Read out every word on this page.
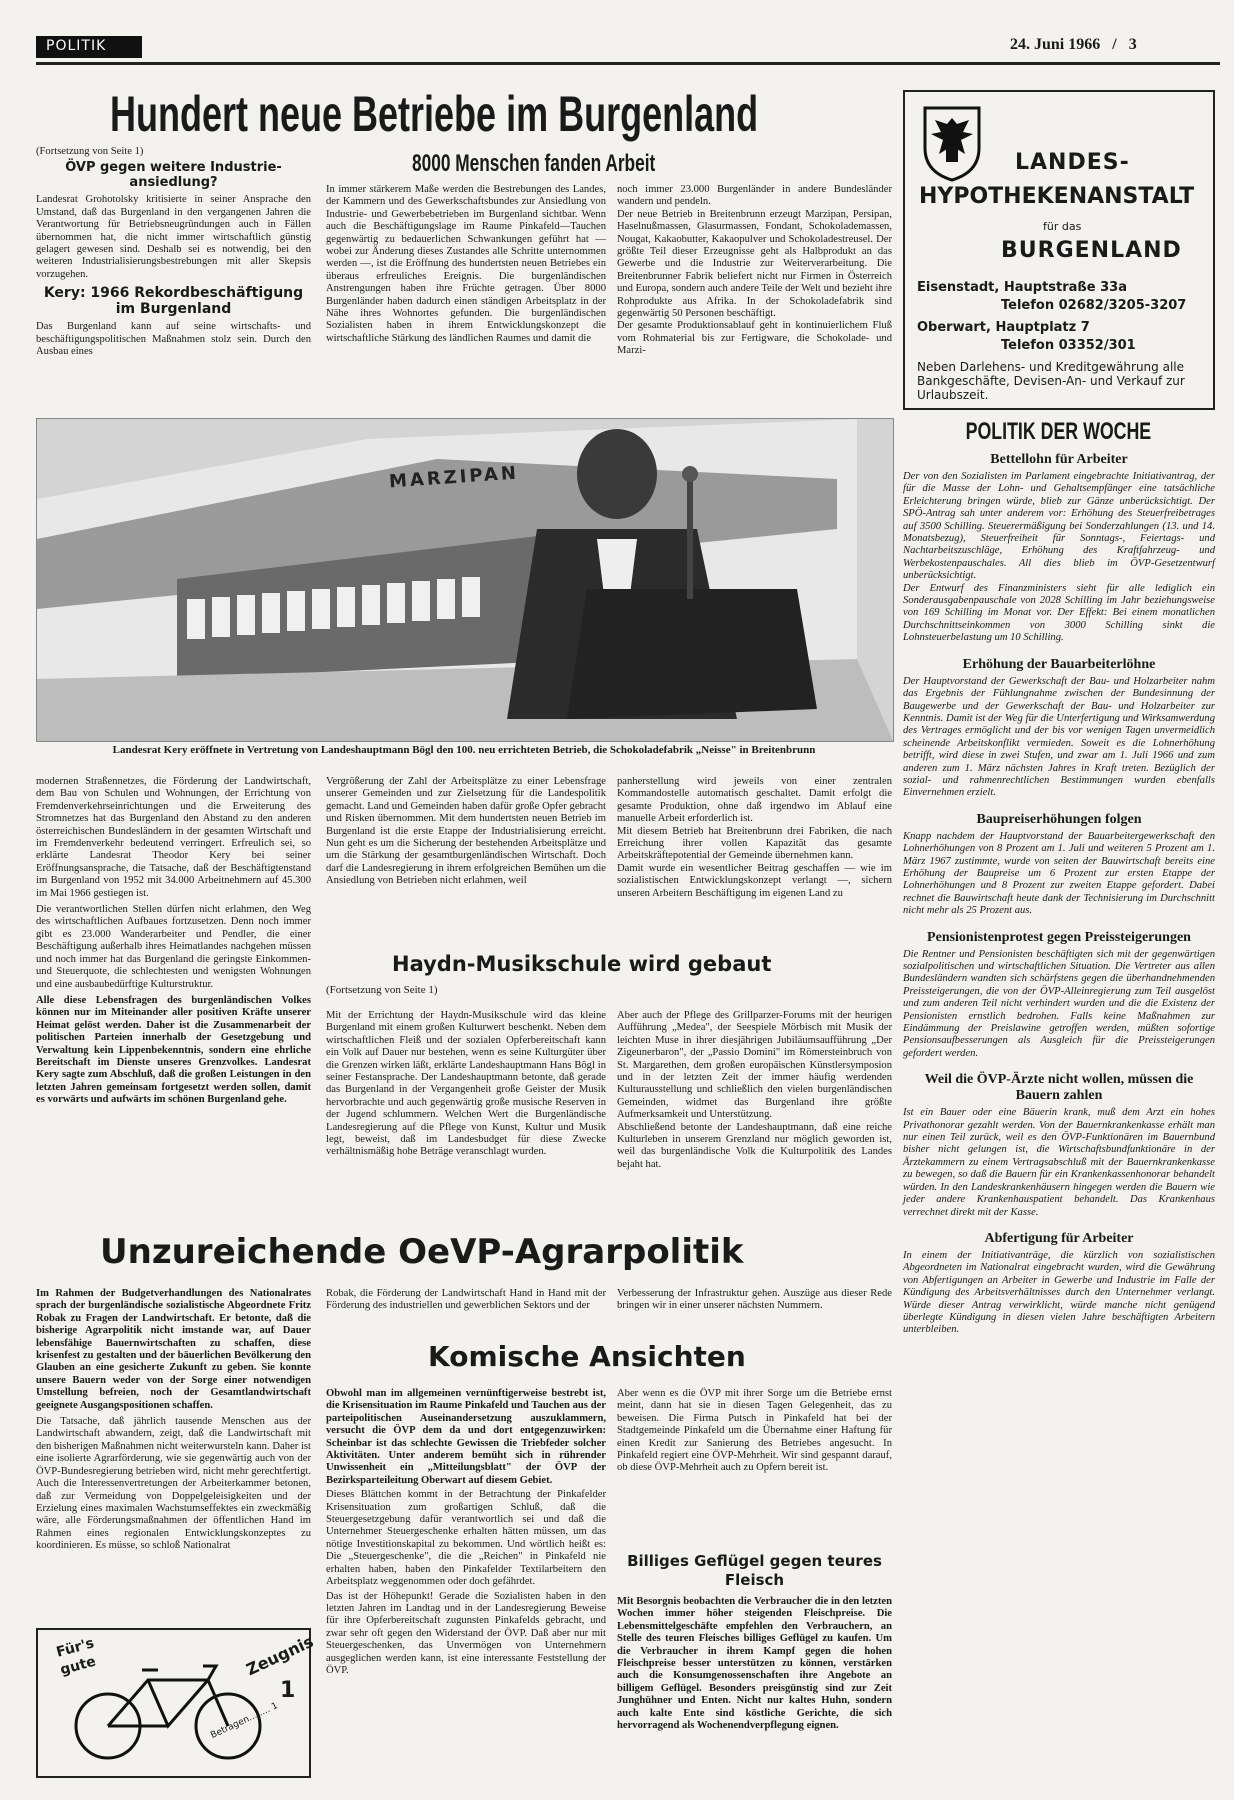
POLITIK	24. Juni 1966 / 3
Hundert neue Betriebe im Burgenland

(Fortsetzung von Seite 1)

ÖVP gegen weitere Industrie-ansiedlung?

Landesrat Grohotolsky kritisierte in seiner Ansprache den Umstand, daß das Burgenland in den vergangenen Jahren die Verantwortung für Betriebsneugründungen auch in Fällen übernommen hat, die nicht immer wirtschaftlich günstig gelagert gewesen sind. Deshalb sei es notwendig, bei den weiteren Industrialisierungsbestrebungen mit aller Skepsis vorzugehen.

Kery: 1966 Rekordbeschäftigung im Burgenland

Das Burgenland kann auf seine wirtschafts- und beschäftigungspolitischen Maßnahmen stolz sein. Durch den Ausbau eines

8000 Menschen fanden Arbeit

In immer stärkerem Maße werden die Bestrebungen des Landes, der Kammern und des Gewerkschaftsbundes zur Ansiedlung von Industrie- und Gewerbebetrieben im Burgenland sichtbar. Wenn auch die Beschäftigungslage im Raume Pinkafeld—Tauchen gegenwärtig zu bedauerlichen Schwankungen geführt hat — wobei zur Änderung dieses Zustandes alle Schritte unternommen werden —, ist die Eröffnung des hundertsten neuen Betriebes ein überaus erfreuliches Ereignis. Die burgenländischen Anstrengungen haben ihre Früchte getragen. Über 8000 Burgenländer haben dadurch einen ständigen Arbeitsplatz in der Nähe ihres Wohnortes gefunden. Die burgenländischen Sozialisten haben in ihrem Entwicklungskonzept die wirtschaftliche Stärkung des ländlichen Raumes und damit die

noch immer 23.000 Burgenländer in andere Bundesländer wandern und pendeln.

Der neue Betrieb in Breitenbrunn erzeugt Marzipan, Persipan, Haselnußmassen, Glasurmassen, Fondant, Schokolademassen, Nougat, Kakaobutter, Kakaopulver und Schokoladestreusel. Der größte Teil dieser Erzeugnisse geht als Halbprodukt an das Gewerbe und die Industrie zur Weiterverarbeitung. Die Breitenbrunner Fabrik beliefert nicht nur Firmen in Österreich und Europa, sondern auch andere Teile der Welt und bezieht ihre Rohprodukte aus Afrika. In der Schokoladefabrik sind gegenwärtig 50 Personen beschäftigt.

Der gesamte Produktionsablauf geht in kontinuierlichem Fluß vom Rohmaterial bis zur Fertigware, die Schokolade- und Marzi-

LANDES-
HYPOTHEKENANSTALT
für das
BURGENLAND
Eisenstadt, Hauptstraße 33a
Telefon 02682/3205-3207
Oberwart, Hauptplatz 7
Telefon 03352/301
Neben Darlehens- und Kreditgewährung alle Bankgeschäfte, Devisen-An- und Verkauf zur Urlaubszeit.
MARZIPAN
Landesrat Kery eröffnete in Vertretung von Landeshauptmann Bögl den 100. neu errichteten Betrieb, die Schokoladefabrik „Neisse" in Breitenbrunn

modernen Straßennetzes, die Förderung der Landwirtschaft, dem Bau von Schulen und Wohnungen, der Errichtung von Fremdenverkehrseinrichtungen und die Erweiterung des Stromnetzes hat das Burgenland den Abstand zu den anderen österreichischen Bundesländern in der gesamten Wirtschaft und im Fremdenverkehr bedeutend verringert. Erfreulich sei, so erklärte Landesrat Theodor Kery bei seiner Eröffnungsansprache, die Tatsache, daß der Beschäftigtenstand im Burgenland von 1952 mit 34.000 Arbeitnehmern auf 45.300 im Mai 1966 gestiegen ist.

Die verantwortlichen Stellen dürfen nicht erlahmen, den Weg des wirtschaftlichen Aufbaues fortzusetzen. Denn noch immer gibt es 23.000 Wanderarbeiter und Pendler, die einer Beschäftigung außerhalb ihres Heimatlandes nachgehen müssen und noch immer hat das Burgenland die geringste Einkommen- und Steuerquote, die schlechtesten und wenigsten Wohnungen und eine ausbaubedürftige Kulturstruktur.

Alle diese Lebensfragen des burgenländischen Volkes können nur im Miteinander aller positiven Kräfte unserer Heimat gelöst werden. Daher ist die Zusammenarbeit der politischen Parteien innerhalb der Gesetzgebung und Verwaltung kein Lippenbekenntnis, sondern eine ehrliche Bereitschaft im Dienste unseres Grenzvolkes. Landesrat Kery sagte zum Abschluß, daß die großen Leistungen in den letzten Jahren gemeinsam fortgesetzt werden sollen, damit es vorwärts und aufwärts im schönen Burgenland gehe.

Vergrößerung der Zahl der Arbeitsplätze zu einer Lebensfrage unserer Gemeinden und zur Zielsetzung für die Landespolitik gemacht. Land und Gemeinden haben dafür große Opfer gebracht und Risken übernommen. Mit dem hundertsten neuen Betrieb im Burgenland ist die erste Etappe der Industrialisierung erreicht. Nun geht es um die Sicherung der bestehenden Arbeitsplätze und um die Stärkung der gesamtburgenländischen Wirtschaft. Doch darf die Landesregierung in ihrem erfolgreichen Bemühen um die Ansiedlung von Betrieben nicht erlahmen, weil

panherstellung wird jeweils von einer zentralen Kommandostelle automatisch geschaltet. Damit erfolgt die gesamte Produktion, ohne daß irgendwo im Ablauf eine manuelle Arbeit erforderlich ist.

Mit diesem Betrieb hat Breitenbrunn drei Fabriken, die nach Erreichung ihrer vollen Kapazität das gesamte Arbeitskräftepotential der Gemeinde übernehmen kann.

Damit wurde ein wesentlicher Beitrag geschaffen — wie im sozialistischen Entwicklungskonzept verlangt —, sichern unseren Arbeitern Beschäftigung im eigenen Land zu

Haydn-Musikschule wird gebaut
(Fortsetzung von Seite 1)

Mit der Errichtung der Haydn-Musikschule wird das kleine Burgenland mit einem großen Kulturwert beschenkt. Neben dem wirtschaftlichen Fleiß und der sozialen Opferbereitschaft kann ein Volk auf Dauer nur bestehen, wenn es seine Kulturgüter über die Grenzen wirken läßt, erklärte Landeshauptmann Hans Bögl in seiner Festansprache. Der Landeshauptmann betonte, daß gerade das Burgenland in der Vergangenheit große Geister der Musik hervorbrachte und auch gegenwärtig große musische Reserven in der Jugend schlummern. Welchen Wert die Burgenländische Landesregierung auf die Pflege von Kunst, Kultur und Musik legt, beweist, daß im Landesbudget für diese Zwecke verhältnismäßig hohe Beträge veranschlagt wurden.

Aber auch der Pflege des Grillparzer-Forums mit der heurigen Aufführung „Medea", der Seespiele Mörbisch mit Musik der leichten Muse in ihrer diesjährigen Jubiläumsaufführung „Der Zigeunerbaron", der „Passio Domini" im Römersteinbruch von St. Margarethen, dem großen europäischen Künstlersymposion und in der letzten Zeit der immer häufig werdenden Kulturausstellung und schließlich den vielen burgenländischen Gemeinden, widmet das Burgenland ihre größte Aufmerksamkeit und Unterstützung.

Abschließend betonte der Landeshauptmann, daß eine reiche Kulturleben in unserem Grenzland nur möglich geworden ist, weil das burgenländische Volk die Kulturpolitik des Landes bejaht hat.

Unzureichende OeVP-Agrarpolitik

Im Rahmen der Budgetverhandlungen des Nationalrates sprach der burgenländische sozialistische Abgeordnete Fritz Robak zu Fragen der Landwirtschaft. Er betonte, daß die bisherige Agrarpolitik nicht imstande war, auf Dauer lebensfähige Bauernwirtschaften zu schaffen, diese krisenfest zu gestalten und der bäuerlichen Bevölkerung den Glauben an eine gesicherte Zukunft zu geben. Sie konnte unsere Bauern weder von der Sorge einer notwendigen Umstellung befreien, noch der Gesamtlandwirtschaft geeignete Ausgangspositionen schaffen.

Die Tatsache, daß jährlich tausende Menschen aus der Landwirtschaft abwandern, zeigt, daß die Landwirtschaft mit den bisherigen Maßnahmen nicht weiterwursteln kann. Daher ist eine isolierte Agrarförderung, wie sie gegenwärtig auch von der ÖVP-Bundesregierung betrieben wird, nicht mehr gerechtfertigt. Auch die Interessenvertretungen der Arbeiterkammer betonen, daß zur Vermeidung von Doppelgeleisigkeiten und der Erzielung eines maximalen Wachstumseffektes ein zweckmäßig wäre, alle Förderungsmaßnahmen der öffentlichen Hand im Rahmen eines regionalen Entwicklungskonzeptes zu koordinieren. Es müsse, so schloß Nationalrat

Robak, die Förderung der Landwirtschaft Hand in Hand mit der Förderung des industriellen und gewerblichen Sektors und der

Verbesserung der Infrastruktur gehen. Auszüge aus dieser Rede bringen wir in einer unserer nächsten Nummern.

Komische Ansichten

Obwohl man im allgemeinen vernünftigerweise bestrebt ist, die Krisensituation im Raume Pinkafeld und Tauchen aus der parteipolitischen Auseinandersetzung auszuklammern, versucht die ÖVP dem da und dort entgegenzuwirken: Scheinbar ist das schlechte Gewissen die Triebfeder solcher Aktivitäten. Unter anderem bemüht sich in rührender Unwissenheit ein „Mitteilungsblatt" der ÖVP der Bezirksparteileitung Oberwart auf diesem Gebiet.

Dieses Blättchen kommt in der Betrachtung der Pinkafelder Krisensituation zum großartigen Schluß, daß die Steuergesetzgebung dafür verantwortlich sei und daß die Unternehmer Steuergeschenke erhalten hätten müssen, um das nötige Investitionskapital zu bekommen. Und wörtlich heißt es: Die „Steuergeschenke", die die „Reichen" in Pinkafeld nie erhalten haben, haben den Pinkafelder Textilarbeitern den Arbeitsplatz weggenommen oder doch gefährdet.

Das ist der Höhepunkt! Gerade die Sozialisten haben in den letzten Jahren im Landtag und in der Landesregierung Beweise für ihre Opferbereitschaft zugunsten Pinkafelds gebracht, und zwar sehr oft gegen den Widerstand der ÖVP. Daß aber nur mit Steuergeschenken, das Unvermögen von Unternehmern ausgeglichen werden kann, ist eine interessante Feststellung der ÖVP.

Aber wenn es die ÖVP mit ihrer Sorge um die Betriebe ernst meint, dann hat sie in diesen Tagen Gelegenheit, das zu beweisen. Die Firma Putsch in Pinkafeld hat bei der Stadtgemeinde Pinkafeld um die Übernahme einer Haftung für einen Kredit zur Sanierung des Betriebes angesucht. In Pinkafeld regiert eine ÖVP-Mehrheit. Wir sind gespannt darauf, ob diese ÖVP-Mehrheit auch zu Opfern bereit ist.

Billiges Geflügel gegen teures Fleisch

Mit Besorgnis beobachten die Verbraucher die in den letzten Wochen immer höher steigenden Fleischpreise. Die Lebensmittelgeschäfte empfehlen den Verbrauchern, an Stelle des teuren Fleisches billiges Geflügel zu kaufen. Um die Verbraucher in ihrem Kampf gegen die hohen Fleischpreise besser unterstützen zu können, verstärken auch die Konsumgenossenschaften ihre Angebote an billigem Geflügel. Besonders preisgünstig sind zur Zeit Junghühner und Enten. Nicht nur kaltes Huhn, sondern auch kalte Ente sind köstliche Gerichte, die sich hervorragend als Wochenendverpflegung eignen.

Für's
gute	Zeugnis
1
Betragen........ 1
POLITIK DER WOCHE

Bettellohn für Arbeiter

Der von den Sozialisten im Parlament eingebrachte Initiativantrag, der für die Masse der Lohn- und Gehaltsempfänger eine tatsächliche Erleichterung bringen würde, blieb zur Gänze unberücksichtigt. Der SPÖ-Antrag sah unter anderem vor: Erhöhung des Steuerfreibetrages auf 3500 Schilling. Steuerermäßigung bei Sonderzahlungen (13. und 14. Monatsbezug), Steuerfreiheit für Sonntags-, Feiertags- und Nachtarbeitszuschläge, Erhöhung des Kraftfahrzeug- und Werbekostenpauschales. All dies blieb im ÖVP-Gesetzentwurf unberücksichtigt.

Der Entwurf des Finanzministers sieht für alle lediglich ein Sonderausgabenpauschale von 2028 Schilling im Jahr beziehungsweise von 169 Schilling im Monat vor. Der Effekt: Bei einem monatlichen Durchschnittseinkommen von 3000 Schilling sinkt die Lohnsteuerbelastung um 10 Schilling.

Erhöhung der Bauarbeiterlöhne

Der Hauptvorstand der Gewerkschaft der Bau- und Holzarbeiter nahm das Ergebnis der Fühlungnahme zwischen der Bundesinnung der Baugewerbe und der Gewerkschaft der Bau- und Holzarbeiter zur Kenntnis. Damit ist der Weg für die Unterfertigung und Wirksamwerdung des Vertrages ermöglicht und der bis vor wenigen Tagen unvermeidlich scheinende Arbeitskonflikt vermieden. Soweit es die Lohnerhöhung betrifft, wird diese in zwei Stufen, und zwar am 1. Juli 1966 und zum anderen zum 1. März nächsten Jahres in Kraft treten. Bezüglich der sozial- und rahmenrechtlichen Bestimmungen wurden ebenfalls Einvernehmen erzielt.

Baupreiserhöhungen folgen

Knapp nachdem der Hauptvorstand der Bauarbeitergewerkschaft den Lohnerhöhungen von 8 Prozent am 1. Juli und weiteren 5 Prozent am 1. März 1967 zustimmte, wurde von seiten der Bauwirtschaft bereits eine Erhöhung der Baupreise um 6 Prozent zur ersten Etappe der Lohnerhöhungen und 8 Prozent zur zweiten Etappe gefordert. Dabei rechnet die Bauwirtschaft heute dank der Technisierung im Durchschnitt nicht mehr als 25 Prozent aus.

Pensionistenprotest gegen Preissteigerungen

Die Rentner und Pensionisten beschäftigten sich mit der gegenwärtigen sozialpolitischen und wirtschaftlichen Situation. Die Vertreter aus allen Bundesländern wandten sich schärfstens gegen die überhandnehmenden Preissteigerungen, die von der ÖVP-Alleinregierung zum Teil ausgelöst und zum anderen Teil nicht verhindert wurden und die die Existenz der Pensionisten ernstlich bedrohen. Falls keine Maßnahmen zur Eindämmung der Preislawine getroffen werden, müßten sofortige Pensionsaufbesserungen als Ausgleich für die Preissteigerungen gefordert werden.

Weil die ÖVP-Ärzte nicht wollen, müssen die Bauern zahlen

Ist ein Bauer oder eine Bäuerin krank, muß dem Arzt ein hohes Privathonorar gezahlt werden. Von der Bauernkrankenkasse erhält man nur einen Teil zurück, weil es den ÖVP-Funktionären im Bauernbund bisher nicht gelungen ist, die Wirtschaftsbundfunktionäre in der Ärztekammern zu einem Vertragsabschluß mit der Bauernkrankenkasse zu bewegen, so daß die Bauern für ein Krankenkassenhonorar behandelt würden. In den Landeskrankenhäusern hingegen werden die Bauern wie jeder andere Krankenhauspatient behandelt. Das Krankenhaus verrechnet direkt mit der Kasse.

Abfertigung für Arbeiter

In einem der Initiativanträge, die kürzlich von sozialistischen Abgeordneten im Nationalrat eingebracht wurden, wird die Gewährung von Abfertigungen an Arbeiter in Gewerbe und Industrie im Falle der Kündigung des Arbeitsverhältnisses durch den Unternehmer verlangt. Würde dieser Antrag verwirklicht, würde manche nicht genügend überlegte Kündigung in diesen vielen Jahre beschäftigten Arbeitern unterbleiben.
